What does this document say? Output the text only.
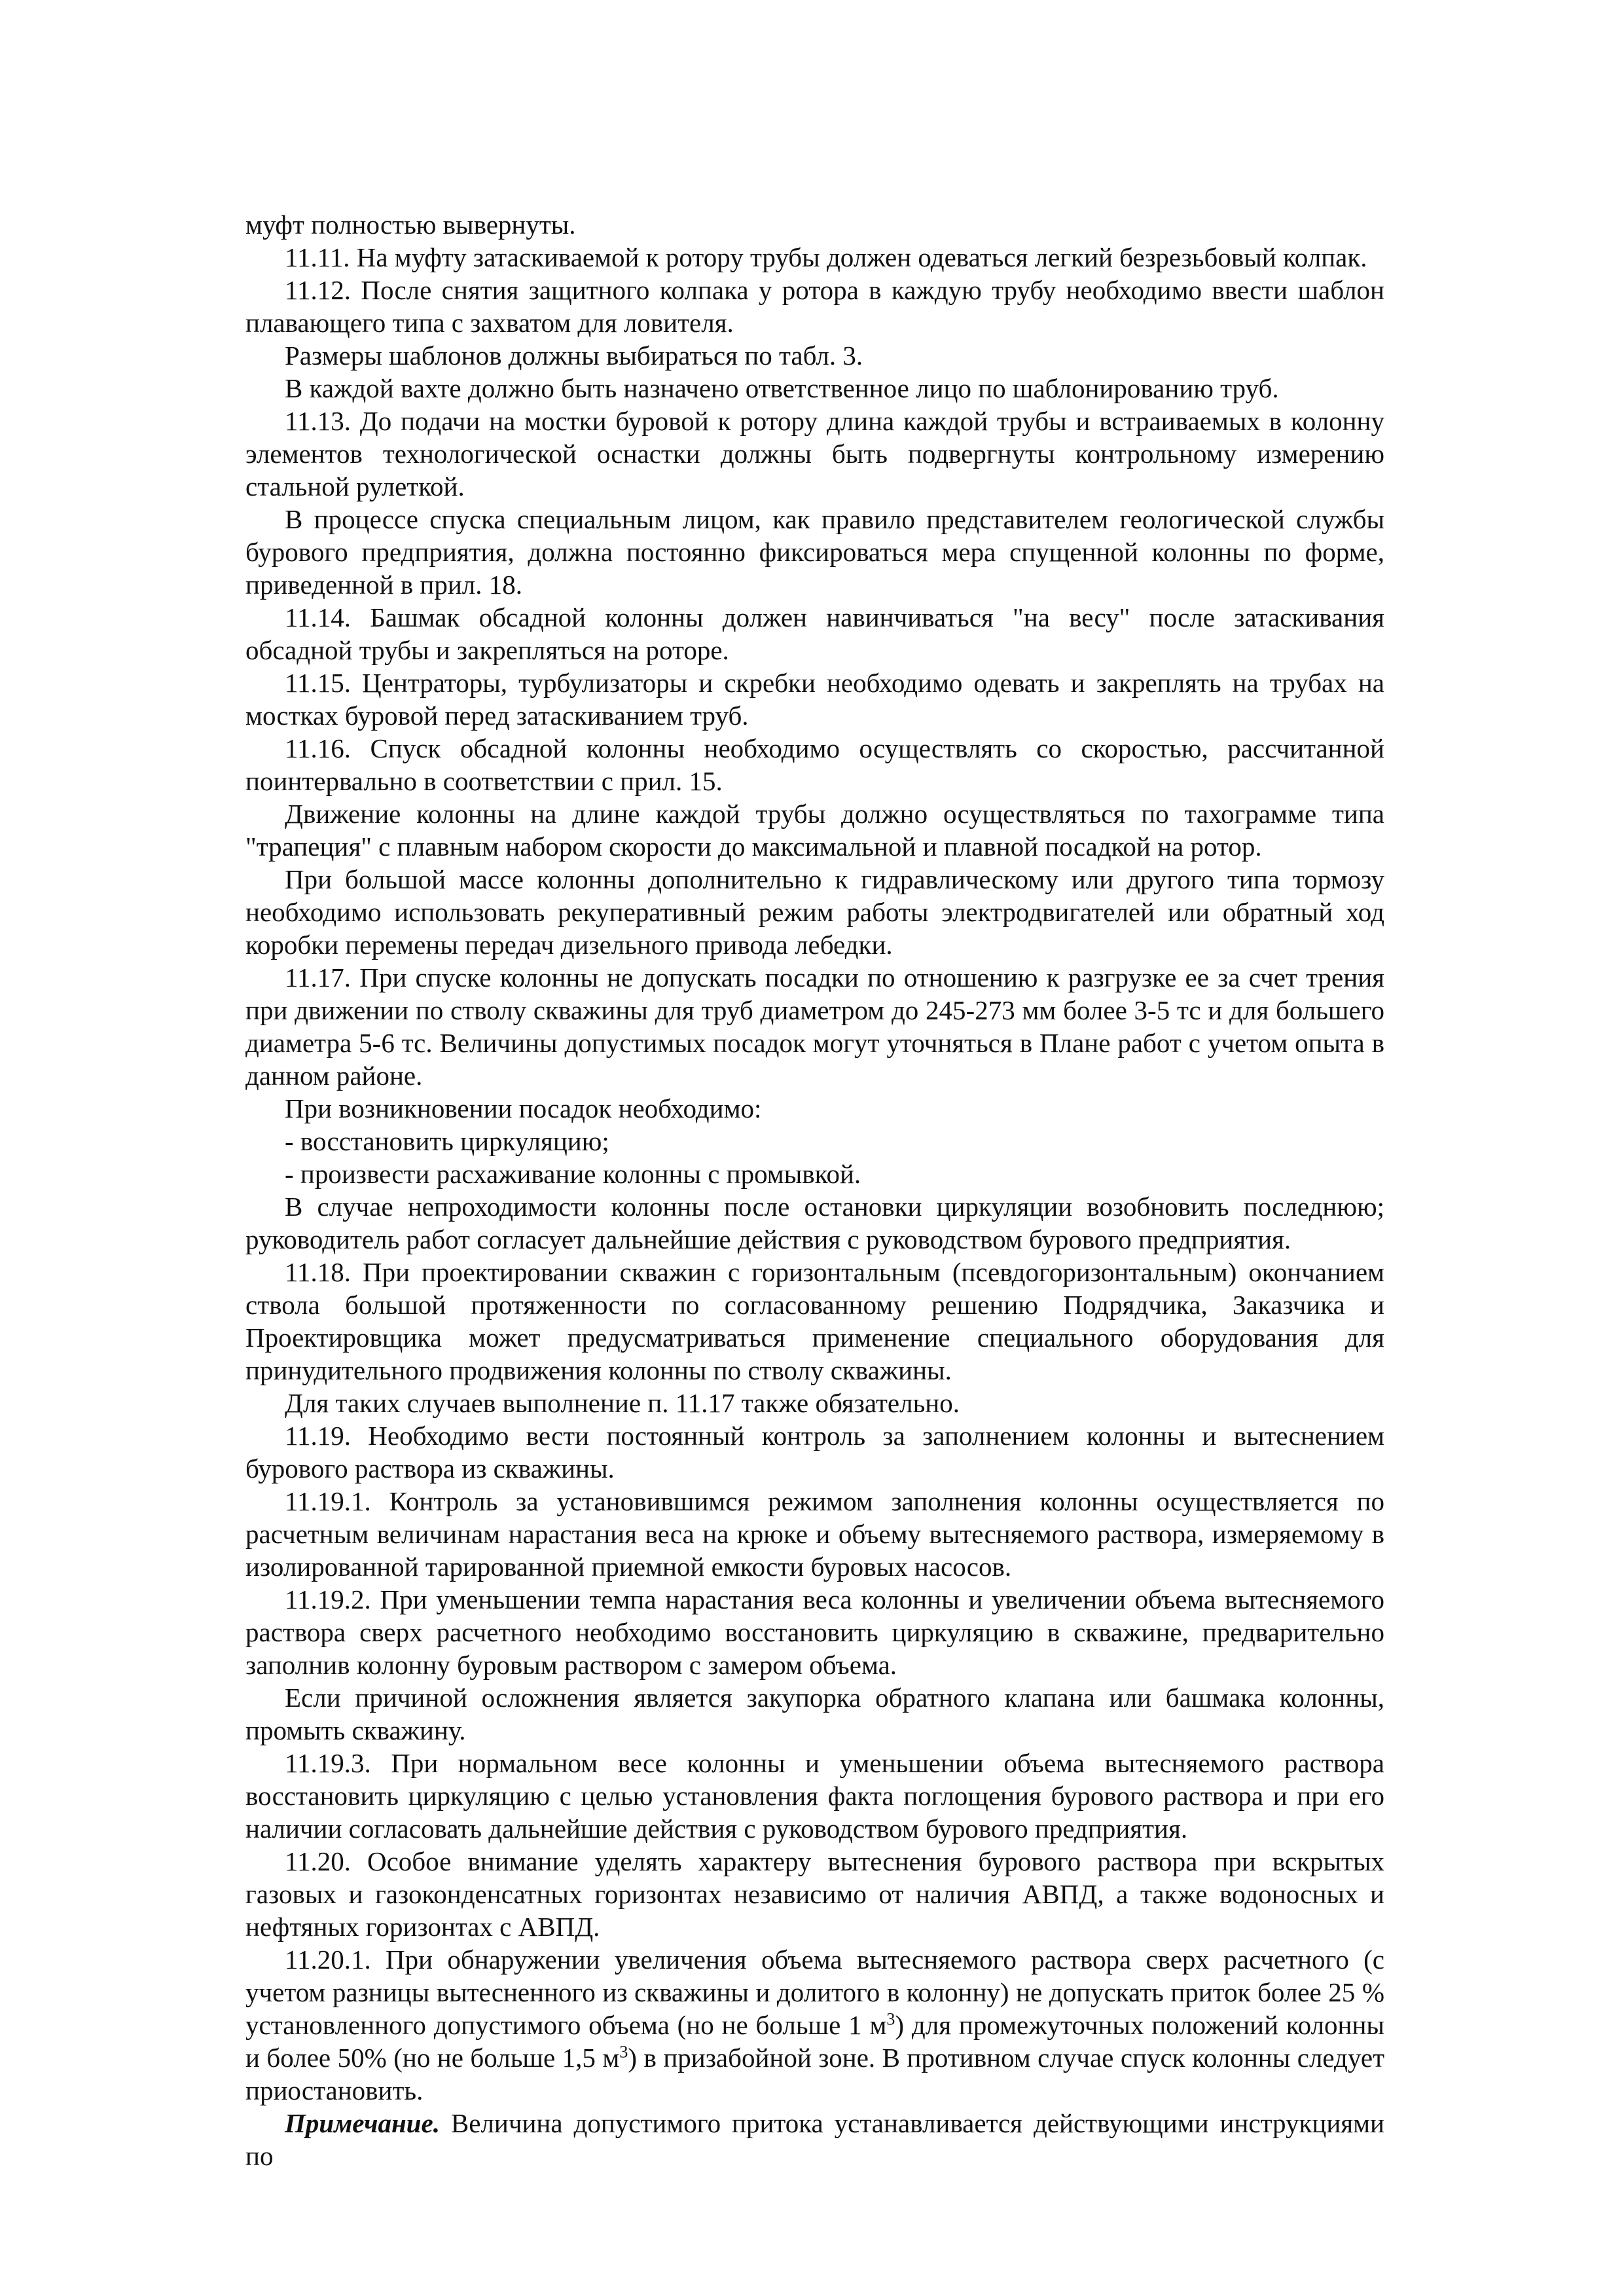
муфт полностью вывернуты.

11.11. На муфту затаскиваемой к ротору трубы должен одеваться легкий безрезьбовый колпак.

11.12. После снятия защитного колпака у ротора в каждую трубу необходимо ввести шаблон плавающего типа с захватом для ловителя.

Размеры шаблонов должны выбираться по табл. 3.

В каждой вахте должно быть назначено ответственное лицо по шаблонированию труб.

11.13. До подачи на мостки буровой к ротору длина каждой трубы и встраиваемых в колонну элементов технологической оснастки должны быть подвергнуты контрольному измерению стальной рулеткой.

В процессе спуска специальным лицом, как правило представителем геологической службы бурового предприятия, должна постоянно фиксироваться мера спущенной колонны по форме, приведенной в прил. 18.

11.14. Башмак обсадной колонны должен навинчиваться "на весу" после затаскивания обсадной трубы и закрепляться на роторе.

11.15. Центраторы, турбулизаторы и скребки необходимо одевать и закреплять на трубах на мостках буровой перед затаскиванием труб.

11.16. Спуск обсадной колонны необходимо осуществлять со скоростью, рассчитанной поинтервально в соответствии с прил. 15.

Движение колонны на длине каждой трубы должно осуществляться по тахограмме типа "трапеция" с плавным набором скорости до максимальной и плавной посадкой на ротор.

При большой массе колонны дополнительно к гидравлическому или другого типа тормозу необходимо использовать рекуперативный режим работы электродвигателей или обратный ход коробки перемены передач дизельного привода лебедки.

11.17. При спуске колонны не допускать посадки по отношению к разгрузке ее за счет трения при движении по стволу скважины для труб диаметром до 245-273 мм более 3-5 тс и для большего диаметра 5-6 тс. Величины допустимых посадок могут уточняться в Плане работ с учетом опыта в данном районе.

При возникновении посадок необходимо:

- восстановить циркуляцию;

- произвести расхаживание колонны с промывкой.

В случае непроходимости колонны после остановки циркуляции возобновить последнюю; руководитель работ согласует дальнейшие действия с руководством бурового предприятия.

11.18. При проектировании скважин с горизонтальным (псевдогоризонтальным) окончанием ствола большой протяженности по согласованному решению Подрядчика, Заказчика и Проектировщика может предусматриваться применение специального оборудования для принудительного продвижения колонны по стволу скважины.

Для таких случаев выполнение п. 11.17 также обязательно.

11.19. Необходимо вести постоянный контроль за заполнением колонны и вытеснением бурового раствора из скважины.

11.19.1. Контроль за установившимся режимом заполнения колонны осуществляется по расчетным величинам нарастания веса на крюке и объему вытесняемого раствора, измеряемому в изолированной тарированной приемной емкости буровых насосов.

11.19.2. При уменьшении темпа нарастания веса колонны и увеличении объема вытесняемого раствора сверх расчетного необходимо восстановить циркуляцию в скважине, предварительно заполнив колонну буровым раствором с замером объема.

Если причиной осложнения является закупорка обратного клапана или башмака колонны, промыть скважину.

11.19.3. При нормальном весе колонны и уменьшении объема вытесняемого раствора восстановить циркуляцию с целью установления факта поглощения бурового раствора и при его наличии согласовать дальнейшие действия с руководством бурового предприятия.

11.20. Особое внимание уделять характеру вытеснения бурового раствора при вскрытых газовых и газоконденсатных горизонтах независимо от наличия АВПД, а также водоносных и нефтяных горизонтах с АВПД.

11.20.1. При обнаружении увеличения объема вытесняемого раствора сверх расчетного (с учетом разницы вытесненного из скважины и долитого в колонну) не допускать приток более 25 % установленного допустимого объема (но не больше 1 $м^3$) для промежуточных положений колонны и более 50% (но не больше 1,5 $м^3$) в призабойной зоне. В противном случае спуск колонны следует приостановить.

Примечание. Величина допустимого притока устанавливается действующими инструкциями по
